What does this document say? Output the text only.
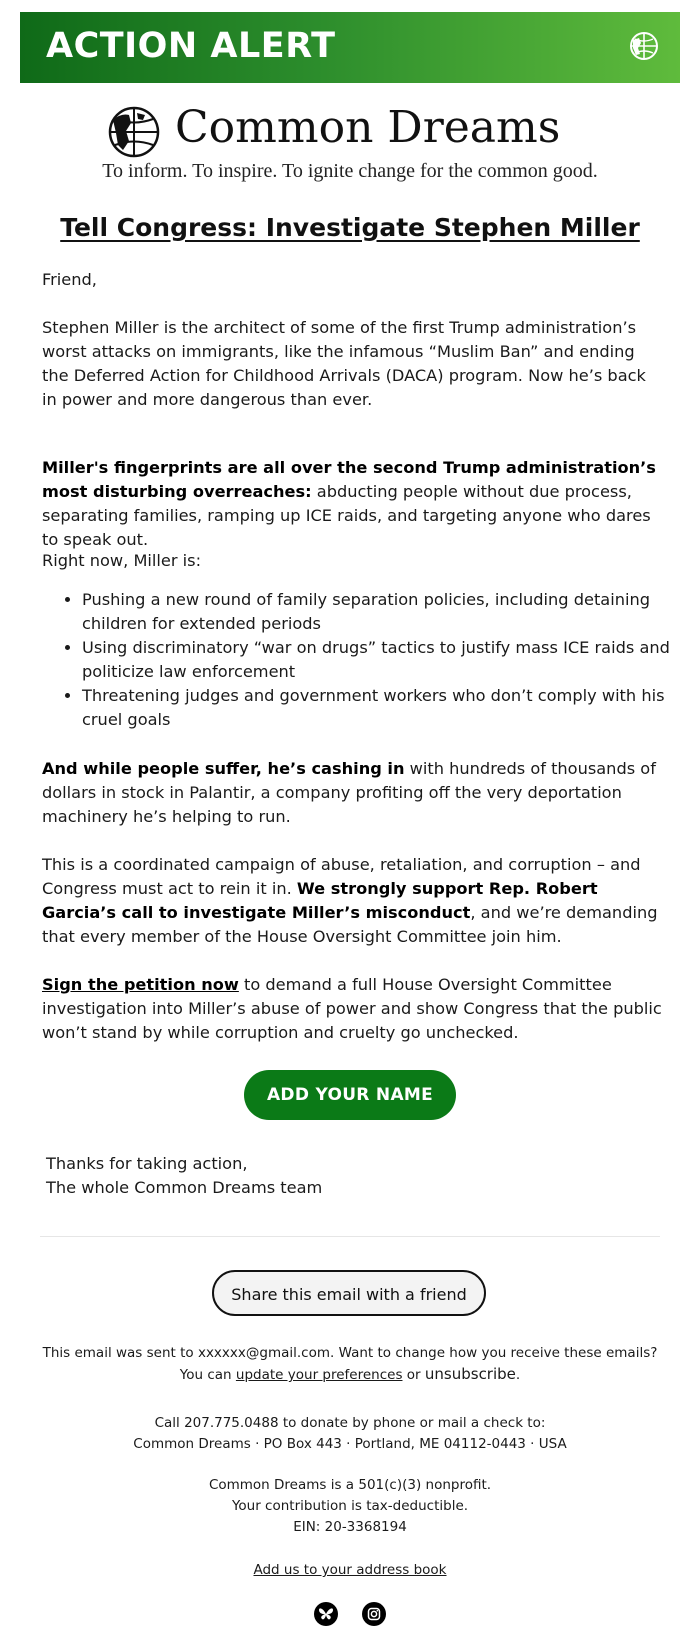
ACTION ALERT
Common Dreams
To inform. To inspire. To ignite change for the common good.
Tell Congress: Investigate Stephen Miller

Friend,

Stephen Miller is the architect of some of the first Trump administration’s worst attacks on immigrants, like the infamous “Muslim Ban” and ending the Deferred Action for Childhood Arrivals (DACA) program. Now he’s back in power and more dangerous than ever.

Miller's fingerprints are all over the second Trump administration’s most disturbing overreaches: abducting people without due process, separating families, ramping up ICE raids, and targeting anyone who dares to speak out.

Right now, Miller is:

• Pushing a new round of family separation policies, including detaining children for extended periods
• Using discriminatory “war on drugs” tactics to justify mass ICE raids and politicize law enforcement
• Threatening judges and government workers who don’t comply with his cruel goals

And while people suffer, he’s cashing in with hundreds of thousands of dollars in stock in Palantir, a company profiting off the very deportation machinery he’s helping to run.

This is a coordinated campaign of abuse, retaliation, and corruption – and Congress must act to rein it in. We strongly support Rep. Robert Garcia’s call to investigate Miller’s misconduct, and we’re demanding that every member of the House Oversight Committee join him.

Sign the petition now to demand a full House Oversight Committee investigation into Miller’s abuse of power and show Congress that the public won’t stand by while corruption and cruelty go unchecked.

ADD YOUR NAME
Thanks for taking action,
The whole Common Dreams team
Share this email with a friend
This email was sent to xxxxxx@gmail.com. Want to change how you receive these emails?
You can update your preferences or unsubscribe.
Call 207.775.0488 to donate by phone or mail a check to:
Common Dreams · PO Box 443 · Portland, ME 04112-0443 · USA
Common Dreams is a 501(c)(3) nonprofit.
Your contribution is tax-deductible.
EIN: 20-3368194
Add us to your address book
